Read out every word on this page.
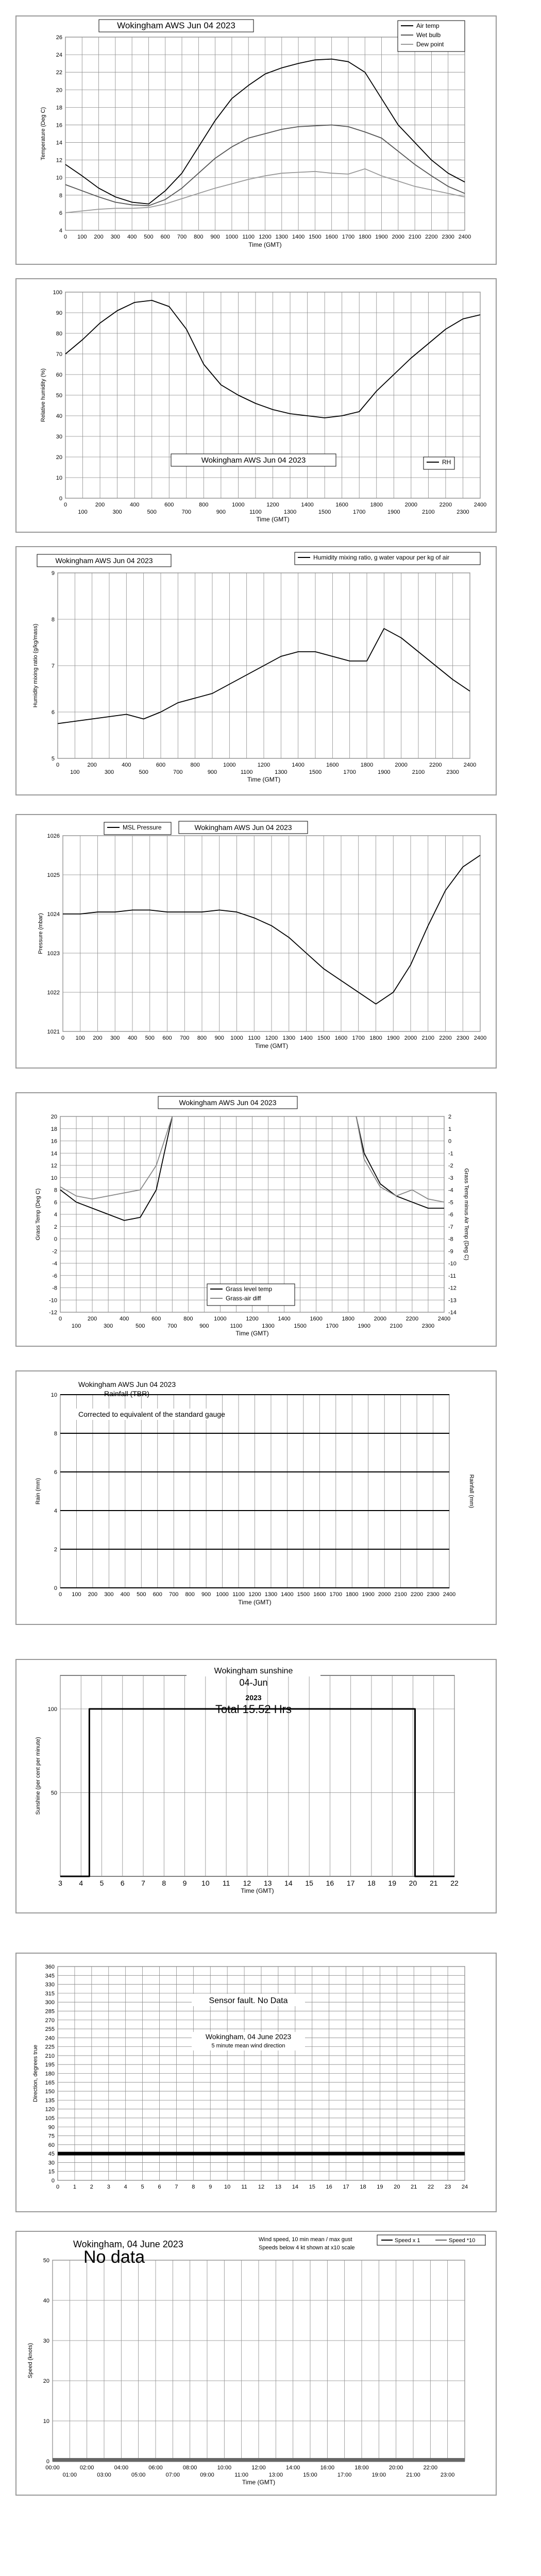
4
6
8
10
12
14
16
18
20
22
24
26
0 100 200 300 400 500 600 700 800 900 1000 1100 1200 1300 1400 1500 1600 1700 1800 1900 2000 2100 2200 2300 2400
Time (GMT)
Temperature (Deg C)
Wokingham AWS Jun 04 2023	Air temp
Wet bulb
Dew point
0
10
20
30
40
50
60
70
80
90
100
0
100
200
300
400
500
600
700
800
900
1000
1100
1200
1300
1400
1500
1600
1700
1800
1900
2000
2100
2200
2300
2400
Time (GMT)
Relative humidity (%)
Wokingham AWS Jun 04 2023	RH
5
6
7
8
9
0
100
200
300
400
500
600
700
800
900
1000
1100
1200
1300
1400
1500
1600
1700
1800
1900
2000
2100
2200
2300
2400
Time (GMT)
Humidity mixing ratio (g/kg/mass)
Wokingham AWS Jun 04 2023	Humidity mixing ratio, g water vapour per kg of air
1021
1022
1023
1024
1025
1026
0 100 200 300 400 500 600 700 800 900 1000 1100 1200 1300 1400 1500 1600 1700 1800 1900 2000 2100 2200 2300 2400
Time (GMT)
Pressure (mbar)
Wokingham AWS Jun 04 2023
MSL Pressure
-12
-10
-8
-6
-4
-2
0
2
4
6
8
10
12
14
16
18
20
0
100
200
300
400
500
600
700
800
900
1000
1100
1200
1300
1400
1500
1600
1700
1800
1900
2000
2100
2200
2300
2400
-14
-13
-12
-11
-10
-9
-8
-7
-6
-5
-4
-3
-2
-1
0
1
2
Grass Temp minus Air Temp (Deg C)
Time (GMT)
Grass Temp (Deg C)
Wokingham AWS Jun 04 2023
Grass level temp
Grass-air diff
0
2
4
6
8
10
0 100 200 300 400 500 600 700 800 900 1000 1100 1200 1300 1400 1500 1600 1700 1800 1900 2000 2100 2200 2300 2400
Rainfall (mm)
Time (GMT)
Rain (mm)
Wokingham AWS Jun 04 2023
Rainfall (TBR)
Corrected to equivalent of the standard gauge
50
100
3 4 5 6 7 8 9 10 11 12 13 14 15 16 17 18 19 20 21 22
Time (GMT)
Sunshine (per cent per minute)
Wokingham sunshine
04-Jun
2023
Total 15.52 Hrs
0
15
30
45
60
75
90
105
120
135
150
165
180
195
210
225
240
255
270
285
300
315
330
345
360
0 1 2 3 4 5 6 7 8 9 10 11 12 13 14 15 16 17 18 19 20 21 22 23 24
Direction, degrees true
Sensor fault. No Data
Wokingham, 04 June 2023
5 minute mean wind direction
0
10
20
30
40
50
00:00	02:00	04:00	06:00	08:00	10:00	12:00	14:00	16:00	18:00	20:00	22:00
01:00	03:00	05:00	07:00	09:00	11:00	13:00	15:00	17:00	19:00	21:00	23:00
Time (GMT)
Speed (knots)
Wokingham, 04 June 2023
No data
Wind speed, 10 min mean / max gust
Speeds below 4 kt shown at x10 scale
Speed x 1	Speed *10
